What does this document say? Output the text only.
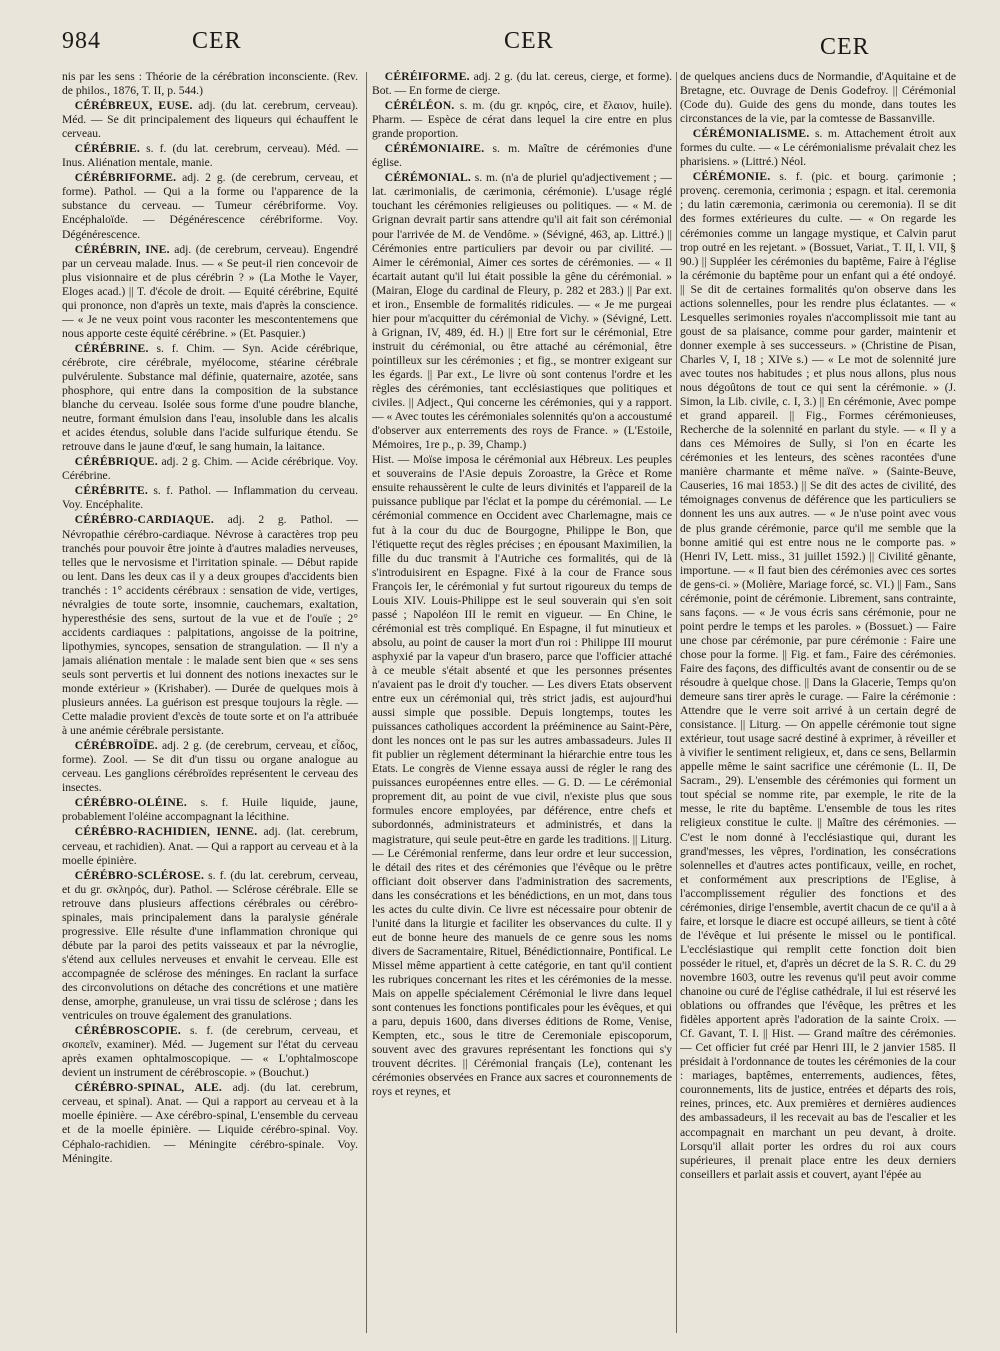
984	CER	CER	CER

nis par les sens : Théorie de la cérébration inconsciente. (Rev. de philos., 1876, T. II, p. 544.)

CÉRÉBREUX, EUSE. adj. (du lat. cerebrum, cerveau). Méd. — Se dit principalement des liqueurs qui échauffent le cerveau.

CÉRÉBRIE. s. f. (du lat. cerebrum, cerveau). Méd. — Inus. Aliénation mentale, manie.

CÉRÉBRIFORME. adj. 2 g. (de cerebrum, cerveau, et forme). Pathol. — Qui a la forme ou l'apparence de la substance du cerveau. — Tumeur cérébriforme. Voy. Encéphaloïde. — Dégénérescence cérébriforme. Voy. Dégénérescence.

CÉRÉBRIN, INE. adj. (de cerebrum, cerveau). Engendré par un cerveau malade. Inus. — « Se peut-il rien concevoir de plus visionnaire et de plus cérébrin ? » (La Mothe le Vayer, Eloges acad.) || T. d'école de droit. — Equité cérébrine, Equité qui prononce, non d'après un texte, mais d'après la conscience. — « Je ne veux point vous raconter les mescontentemens que nous apporte ceste équité cérébrine. » (Et. Pasquier.)

CÉRÉBRINE. s. f. Chim. — Syn. Acide cérébrique, cérébrote, cire cérébrale, myélocome, stéarine cérébrale pulvérulente. Substance mal définie, quaternaire, azotée, sans phosphore, qui entre dans la composition de la substance blanche du cerveau. Isolée sous forme d'une poudre blanche, neutre, formant émulsion dans l'eau, insoluble dans les alcalis et acides étendus, soluble dans l'acide sulfurique étendu. Se retrouve dans le jaune d'œuf, le sang humain, la laitance.

CÉRÉBRIQUE. adj. 2 g. Chim. — Acide cérébrique. Voy. Cérébrine.

CÉRÉBRITE. s. f. Pathol. — Inflammation du cerveau. Voy. Encéphalite.

CÉRÉBRO-CARDIAQUE. adj. 2 g. Pathol. — Névropathie cérébro-cardiaque. Névrose à caractères trop peu tranchés pour pouvoir être jointe à d'autres maladies nerveuses, telles que le nervosisme et l'irritation spinale. — Début rapide ou lent. Dans les deux cas il y a deux groupes d'accidents bien tranchés : 1° accidents cérébraux : sensation de vide, vertiges, névralgies de toute sorte, insomnie, cauchemars, exaltation, hyperesthésie des sens, surtout de la vue et de l'ouïe ; 2° accidents cardiaques : palpitations, angoisse de la poitrine, lipothymies, syncopes, sensation de strangulation. — Il n'y a jamais aliénation mentale : le malade sent bien que « ses sens seuls sont pervertis et lui donnent des notions inexactes sur le monde extérieur » (Krishaber). — Durée de quelques mois à plusieurs années. La guérison est presque toujours la règle. — Cette maladie provient d'excès de toute sorte et on l'a attribuée à une anémie cérébrale persistante.

CÉRÉBROÏDE. adj. 2 g. (de cerebrum, cerveau, et εἶδος, forme). Zool. — Se dit d'un tissu ou organe analogue au cerveau. Les ganglions cérébroïdes représentent le cerveau des insectes.

CÉRÉBRO-OLÉINE. s. f. Huile liquide, jaune, probablement l'oléine accompagnant la lécithine.

CÉRÉBRO-RACHIDIEN, IENNE. adj. (lat. cerebrum, cerveau, et rachidien). Anat. — Qui a rapport au cerveau et à la moelle épinière.

CÉRÉBRO-SCLÉROSE. s. f. (du lat. cerebrum, cerveau, et du gr. σκληρός, dur). Pathol. — Sclérose cérébrale. Elle se retrouve dans plusieurs affections cérébrales ou cérébro-spinales, mais principalement dans la paralysie générale progressive. Elle résulte d'une inflammation chronique qui débute par la paroi des petits vaisseaux et par la névroglie, s'étend aux cellules nerveuses et envahit le cerveau. Elle est accompagnée de sclérose des méninges. En raclant la surface des circonvolutions on détache des concrétions et une matière dense, amorphe, granuleuse, un vrai tissu de sclérose ; dans les ventricules on trouve également des granulations.

CÉRÉBROSCOPIE. s. f. (de cerebrum, cerveau, et σκοπεῖν, examiner). Méd. — Jugement sur l'état du cerveau après examen ophtalmoscopique. — « L'ophtalmoscope devient un instrument de cérébroscopie. » (Bouchut.)

CÉRÉBRO-SPINAL, ALE. adj. (du lat. cerebrum, cerveau, et spinal). Anat. — Qui a rapport au cerveau et à la moelle épinière. — Axe cérébro-spinal, L'ensemble du cerveau et de la moelle épinière. — Liquide cérébro-spinal. Voy. Céphalo-rachidien. — Méningite cérébro-spinale. Voy. Méningite.

CÉRÉIFORME. adj. 2 g. (du lat. cereus, cierge, et forme). Bot. — En forme de cierge.

CÉRÉLÉON. s. m. (du gr. κηρός, cire, et ἔλαιον, huile). Pharm. — Espèce de cérat dans lequel la cire entre en plus grande proportion.

CÉRÉMONIAIRE. s. m. Maître de cérémonies d'une église.

CÉRÉMONIAL. s. m. (n'a de pluriel qu'adjectivement ; — lat. cærimonialis, de cærimonia, cérémonie). L'usage réglé touchant les cérémonies religieuses ou politiques. — « M. de Grignan devrait partir sans attendre qu'il ait fait son cérémonial pour l'arrivée de M. de Vendôme. » (Sévigné, 463, ap. Littré.) || Cérémonies entre particuliers par devoir ou par civilité. — Aimer le cérémonial, Aimer ces sortes de cérémonies. — « Il écartait autant qu'il lui était possible la gêne du cérémonial. » (Mairan, Eloge du cardinal de Fleury, p. 282 et 283.) || Par ext. et iron., Ensemble de formalités ridicules. — « Je me purgeai hier pour m'acquitter du cérémonial de Vichy. » (Sévigné, Lett. à Grignan, IV, 489, éd. H.) || Etre fort sur le cérémonial, Etre instruit du cérémonial, ou être attaché au cérémonial, être pointilleux sur les cérémonies ; et fig., se montrer exigeant sur les égards. || Par ext., Le livre où sont contenus l'ordre et les règles des cérémonies, tant ecclésiastiques que politiques et civiles. || Adject., Qui concerne les cérémonies, qui y a rapport. — « Avec toutes les cérémoniales solennités qu'on a accoustumé d'observer aux enterrements des roys de France. » (L'Estoile, Mémoires, 1re p., p. 39, Champ.)

Hist. — Moïse imposa le cérémonial aux Hébreux. Les peuples et souverains de l'Asie depuis Zoroastre, la Grèce et Rome ensuite rehaussèrent le culte de leurs divinités et l'appareil de la puissance publique par l'éclat et la pompe du cérémonial. — Le cérémonial commence en Occident avec Charlemagne, mais ce fut à la cour du duc de Bourgogne, Philippe le Bon, que l'étiquette reçut des règles précises ; en épousant Maximilien, la fille du duc transmit à l'Autriche ces formalités, qui de là s'introduisirent en Espagne. Fixé à la cour de France sous François Ier, le cérémonial y fut surtout rigoureux du temps de Louis XIV. Louis-Philippe est le seul souverain qui s'en soit passé ; Napoléon III le remit en vigueur. — En Chine, le cérémonial est très compliqué. En Espagne, il fut minutieux et absolu, au point de causer la mort d'un roi : Philippe III mourut asphyxié par la vapeur d'un brasero, parce que l'officier attaché à ce meuble s'était absenté et que les personnes présentes n'avaient pas le droit d'y toucher. — Les divers Etats observent entre eux un cérémonial qui, très strict jadis, est aujourd'hui aussi simple que possible. Depuis longtemps, toutes les puissances catholiques accordent la prééminence au Saint-Père, dont les nonces ont le pas sur les autres ambassadeurs. Jules II fit publier un règlement déterminant la hiérarchie entre tous les Etats. Le congrès de Vienne essaya aussi de régler le rang des puissances européennes entre elles. — G. D. — Le cérémonial proprement dit, au point de vue civil, n'existe plus que sous formules encore employées, par déférence, entre chefs et subordonnés, administrateurs et administrés, et dans la magistrature, qui seule peut-être en garde les traditions. || Liturg. — Le Cérémonial renferme, dans leur ordre et leur succession, le détail des rites et des cérémonies que l'évêque ou le prêtre officiant doit observer dans l'administration des sacrements, dans les consécrations et les bénédictions, en un mot, dans tous les actes du culte divin. Ce livre est nécessaire pour obtenir de l'unité dans la liturgie et faciliter les observances du culte. Il y eut de bonne heure des manuels de ce genre sous les noms divers de Sacramentaire, Rituel, Bénédictionnaire, Pontifical. Le Missel même appartient à cette catégorie, en tant qu'il contient les rubriques concernant les rites et les cérémonies de la messe. Mais on appelle spécialement Cérémonial le livre dans lequel sont contenues les fonctions pontificales pour les évêques, et qui a paru, depuis 1600, dans diverses éditions de Rome, Venise, Kempten, etc., sous le titre de Ceremoniale episcoporum, souvent avec des gravures représentant les fonctions qui s'y trouvent décrites. || Cérémonial français (Le), contenant les cérémonies observées en France aux sacres et couronnements de roys et reynes, et

de quelques anciens ducs de Normandie, d'Aquitaine et de Bretagne, etc. Ouvrage de Denis Godefroy. || Cérémonial (Code du). Guide des gens du monde, dans toutes les circonstances de la vie, par la comtesse de Bassanville.

CÉRÉMONIALISME. s. m. Attachement étroit aux formes du culte. — « Le cérémonialisme prévalait chez les pharisiens. » (Littré.) Néol.

CÉRÉMONIE. s. f. (pic. et bourg. çarimonie ; provenç. ceremonia, cerimonia ; espagn. et ital. ceremonia ; du latin cæremonia, cærimonia ou ceremonia). Il se dit des formes extérieures du culte. — « On regarde les cérémonies comme un langage mystique, et Calvin parut trop outré en les rejetant. » (Bossuet, Variat., T. II, l. VII, § 90.) || Suppléer les cérémonies du baptême, Faire à l'église la cérémonie du baptême pour un enfant qui a été ondoyé. || Se dit de certaines formalités qu'on observe dans les actions solennelles, pour les rendre plus éclatantes. — « Lesquelles serimonies royales n'accomplissoit mie tant au goust de sa plaisance, comme pour garder, maintenir et donner exemple à ses successeurs. » (Christine de Pisan, Charles V, I, 18 ; XIVe s.) — « Le mot de solennité jure avec toutes nos habitudes ; et plus nous allons, plus nous nous dégoûtons de tout ce qui sent la cérémonie. » (J. Simon, la Lib. civile, c. I, 3.) || En cérémonie, Avec pompe et grand appareil. || Fig., Formes cérémonieuses, Recherche de la solennité en parlant du style. — « Il y a dans ces Mémoires de Sully, si l'on en écarte les cérémonies et les lenteurs, des scènes racontées d'une manière charmante et même naïve. » (Sainte-Beuve, Causeries, 16 mai 1853.) || Se dit des actes de civilité, des témoignages convenus de déférence que les particuliers se donnent les uns aux autres. — « Je n'use point avec vous de plus grande cérémonie, parce qu'il me semble que la bonne amitié qui est entre nous ne le comporte pas. » (Henri IV, Lett. miss., 31 juillet 1592.) || Civilité gênante, importune. — « Il faut bien des cérémonies avec ces sortes de gens-ci. » (Molière, Mariage forcé, sc. VI.) || Fam., Sans cérémonie, point de cérémonie. Librement, sans contrainte, sans façons. — « Je vous écris sans cérémonie, pour ne point perdre le temps et les paroles. » (Bossuet.) — Faire une chose par cérémonie, par pure cérémonie : Faire une chose pour la forme. || Fig. et fam., Faire des cérémonies. Faire des façons, des difficultés avant de consentir ou de se résoudre à quelque chose. || Dans la Glacerie, Temps qu'on demeure sans tirer après le curage. — Faire la cérémonie : Attendre que le verre soit arrivé à un certain degré de consistance. || Liturg. — On appelle cérémonie tout signe extérieur, tout usage sacré destiné à exprimer, à réveiller et à vivifier le sentiment religieux, et, dans ce sens, Bellarmin appelle même le saint sacrifice une cérémonie (L. II, De Sacram., 29). L'ensemble des cérémonies qui forment un tout spécial se nomme rite, par exemple, le rite de la messe, le rite du baptême. L'ensemble de tous les rites religieux constitue le culte. || Maître des cérémonies. — C'est le nom donné à l'ecclésiastique qui, durant les grand'messes, les vêpres, l'ordination, les consécrations solennelles et d'autres actes pontificaux, veille, en rochet, et conformément aux prescriptions de l'Eglise, à l'accomplissement régulier des fonctions et des cérémonies, dirige l'ensemble, avertit chacun de ce qu'il a à faire, et lorsque le diacre est occupé ailleurs, se tient à côté de l'évêque et lui présente le missel ou le pontifical. L'ecclésiastique qui remplit cette fonction doit bien posséder le rituel, et, d'après un décret de la S. R. C. du 29 novembre 1603, outre les revenus qu'il peut avoir comme chanoine ou curé de l'église cathédrale, il lui est réservé les oblations ou offrandes que l'évêque, les prêtres et les fidèles apportent après l'adoration de la sainte Croix. — Cf. Gavant, T. I. || Hist. — Grand maître des cérémonies. — Cet officier fut créé par Henri III, le 2 janvier 1585. Il présidait à l'ordonnance de toutes les cérémonies de la cour : mariages, baptêmes, enterrements, audiences, fêtes, couronnements, lits de justice, entrées et départs des rois, reines, princes, etc. Aux premières et dernières audiences des ambassadeurs, il les recevait au bas de l'escalier et les accompagnait en marchant un peu devant, à droite. Lorsqu'il allait porter les ordres du roi aux cours supérieures, il prenait place entre les deux derniers conseillers et parlait assis et couvert, ayant l'épée au
